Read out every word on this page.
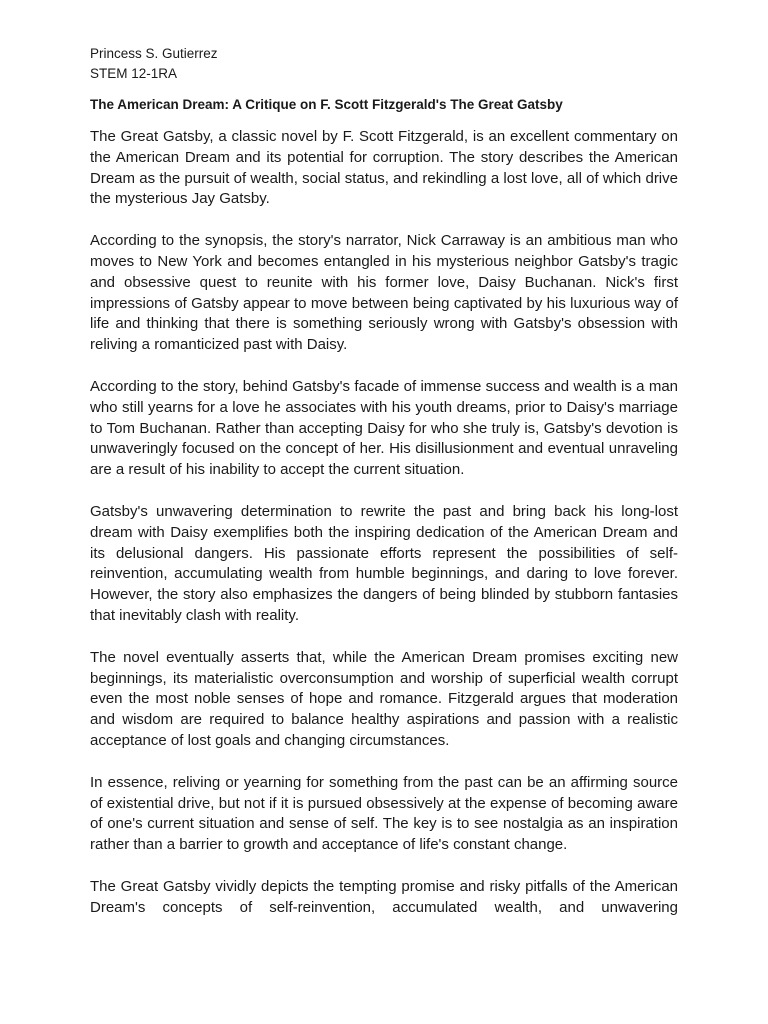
Princess S. Gutierrez

STEM 12-1RA

The American Dream: A Critique on F. Scott Fitzgerald's The Great Gatsby

The Great Gatsby, a classic novel by F. Scott Fitzgerald, is an excellent commentary on the American Dream and its potential for corruption. The story describes the American Dream as the pursuit of wealth, social status, and rekindling a lost love, all of which drive the mysterious Jay Gatsby.

According to the synopsis, the story's narrator, Nick Carraway is an ambitious man who moves to New York and becomes entangled in his mysterious neighbor Gatsby's tragic and obsessive quest to reunite with his former love, Daisy Buchanan. Nick's first impressions of Gatsby appear to move between being captivated by his luxurious way of life and thinking that there is something seriously wrong with Gatsby's obsession with reliving a romanticized past with Daisy.

According to the story, behind Gatsby's facade of immense success and wealth is a man who still yearns for a love he associates with his youth dreams, prior to Daisy's marriage to Tom Buchanan. Rather than accepting Daisy for who she truly is, Gatsby's devotion is unwaveringly focused on the concept of her. His disillusionment and eventual unraveling are a result of his inability to accept the current situation.

Gatsby's unwavering determination to rewrite the past and bring back his long-lost dream with Daisy exemplifies both the inspiring dedication of the American Dream and its delusional dangers. His passionate efforts represent the possibilities of self-reinvention, accumulating wealth from humble beginnings, and daring to love forever. However, the story also emphasizes the dangers of being blinded by stubborn fantasies that inevitably clash with reality.

The novel eventually asserts that, while the American Dream promises exciting new beginnings, its materialistic overconsumption and worship of superficial wealth corrupt even the most noble senses of hope and romance. Fitzgerald argues that moderation and wisdom are required to balance healthy aspirations and passion with a realistic acceptance of lost goals and changing circumstances.

In essence, reliving or yearning for something from the past can be an affirming source of existential drive, but not if it is pursued obsessively at the expense of becoming aware of one's current situation and sense of self. The key is to see nostalgia as an inspiration rather than a barrier to growth and acceptance of life's constant change.

The Great Gatsby vividly depicts the tempting promise and risky pitfalls of the American Dream's concepts of self-reinvention, accumulated wealth, and unwavering
